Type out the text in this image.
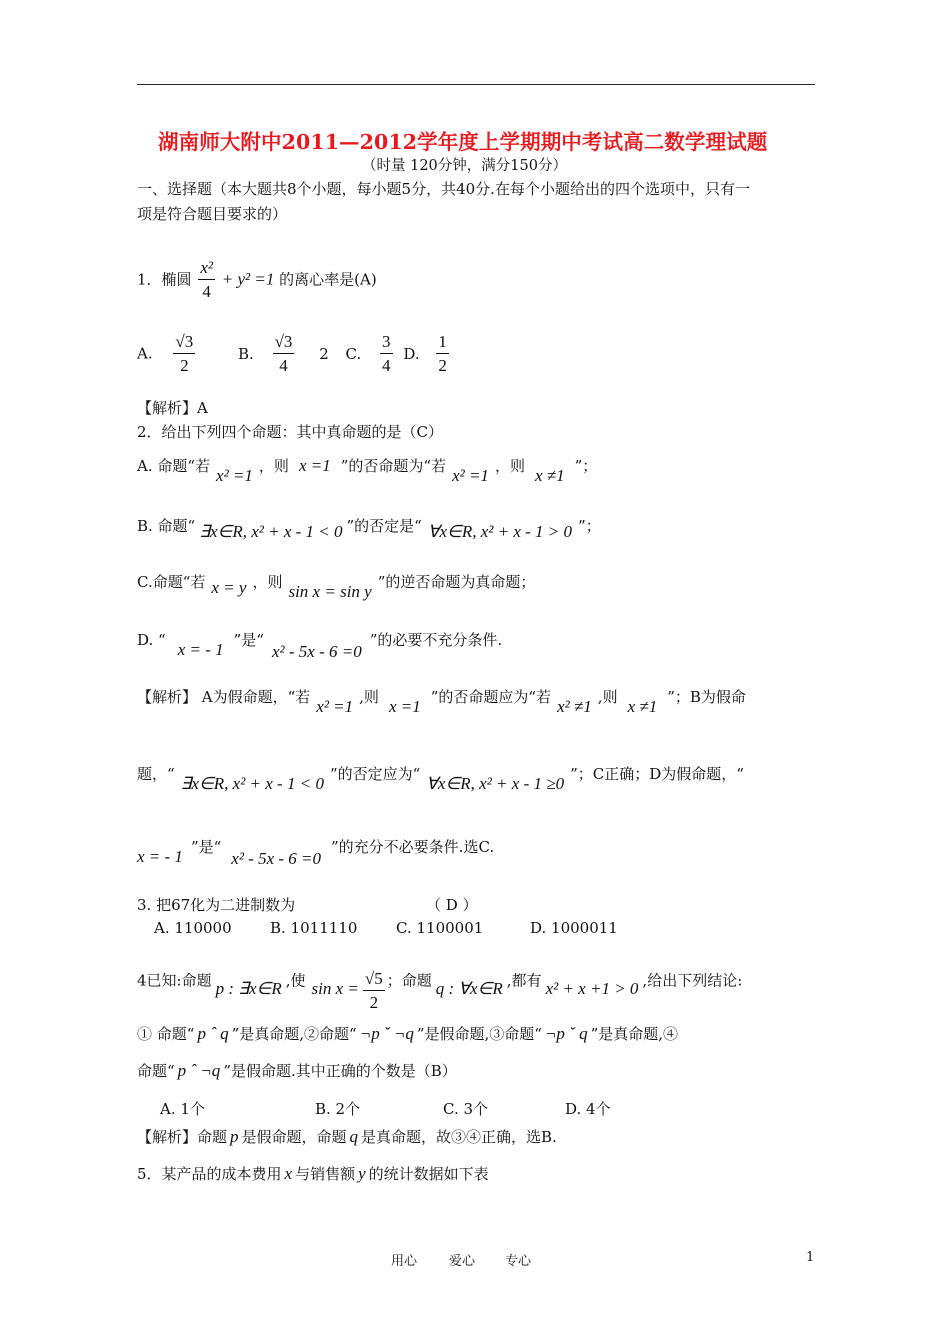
湖南师大附中2011—2012学年度上学期期中考试高二数学理试题
（时量 120分钟，满分150分）
一、选择题（本大题共8个小题，每小题5分，共40分.在每个小题给出的四个选项中，只有一
项是符合题目要求的）
1．椭圆 $\frac{\text{x²}}{4} + y^2 =1$ 的离心率是(A)
A. $\frac{√3}{2}$	B. $\frac{√3}{4} 2$ C. $\frac{3}{4} D$. $\frac{1}{2}$
【解析】A
2．给出下列四个命题：其中真命题的是（C）
A. 命题“若 x² =1 ，则 x =1 ”的否命题为“若 x² =1 ，则 x ≠1 ”；
B. 命题“ ∃x∈R, x² + x - 1 < 0 ”的否定是“ ∀x∈R, x² + x - 1 > 0 ”；
C.命题“若 x = y ，则 sin x = sin y ”的逆否命题为真命题；
D. “ x = - 1 ”是“x² - 5x - 6 =0”的必要不充分条件.
【解析】 A为假命题，“若 x² =1 ,则 x =1 ”的否命题应为“若 x² ≠1 ,则 x ≠1 ”；B为假命
题，“ ∃x∈R, x² + x - 1 < 0 ”的否定应为“ ∀x∈R, x² + x - 1 ≥0 ”；C正确；D为假命题，“
x = - 1 ”是“x² - 5x - 6 =0”的充分不必要条件.选C.
3. 把67化为二进制数为	（ D ）
A. 110000	B. 1011110	C. 1100001	D. 1000011
4已知:命题 p : ∃x∈R ,使 $\sin x = \frac{√5}{2}$ ；命题 q : ∀x∈R ,都有 x² + x +1 > 0 ,给出下列结论:
① 命题“ p ˆ q ”是真命题,②命题“ ¬p ˇ ¬q ”是假命题,③命题“ ¬p ˇ q ”是真命题,④
命题“ p ˆ ¬q ”是假命题.其中正确的个数是（B）
A. 1个	B. 2个	C. 3个	D. 4个
【解析】命题 p 是假命题，命题 q 是真命题，故③④正确，选B.
5．某产品的成本费用 x 与销售额 y 的统计数据如下表
用心 爱心 专心	1
